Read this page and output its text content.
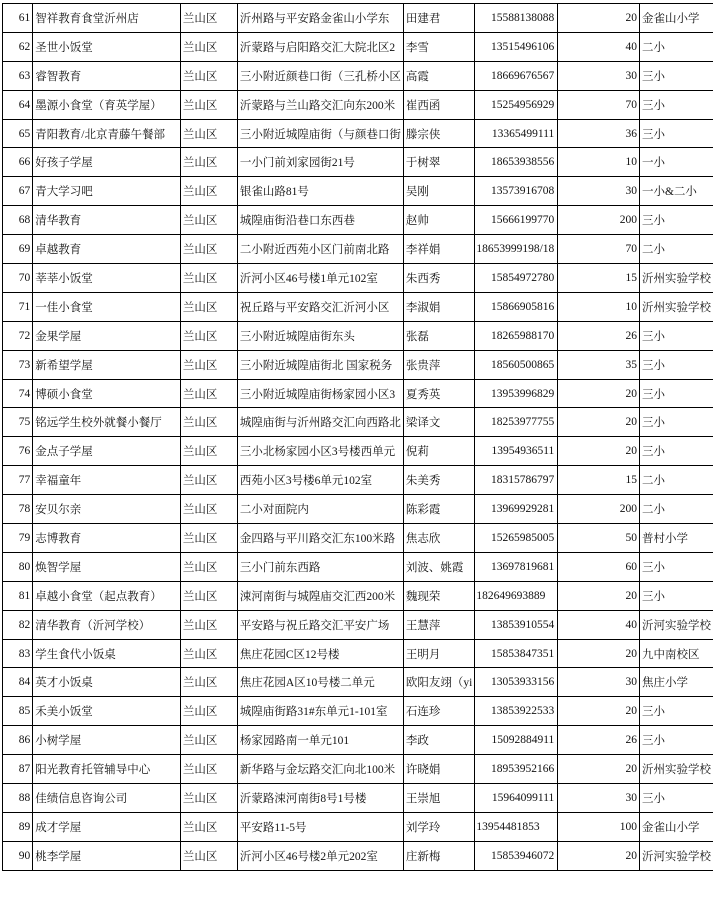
61	智祥教育食堂沂州店	兰山区	沂州路与平安路金雀山小学东	田建君	15588138088	20	金雀山小学
62	圣世小饭堂	兰山区	沂蒙路与启阳路交汇大院北区2	李雪	13515496106	40	二小
63	睿智教育	兰山区	三小附近颜巷口街（三孔桥小区	高霞	18669676567	30	三小
64	墨源小食堂（育英学屋）	兰山区	沂蒙路与兰山路交汇向东200米	崔西函	15254956929	70	三小
65	青阳教育/北京青藤午餐部	兰山区	三小附近城隍庙街（与颜巷口街	滕宗侠	13365499111	36	三小
66	好孩子学屋	兰山区	一小门前刘家园街21号	于树翠	18653938556	10	一小
67	青大学习吧	兰山区	银雀山路81号	吴刚	13573916708	30	一小&二小
68	清华教育	兰山区	城隍庙街沿巷口东西巷	赵帅	15666199770	200	三小
69	卓越教育	兰山区	二小附近西苑小区门前南北路	李祥娟	18653999198/18	70	二小
70	莘莘小饭堂	兰山区	沂河小区46号楼1单元102室	朱西秀	15854972780	15	沂州实验学校
71	一佳小食堂	兰山区	祝丘路与平安路交汇沂河小区	李淑娟	15866905816	10	沂州实验学校
72	金果学屋	兰山区	三小附近城隍庙街东头	张磊	18265988170	26	三小
73	新希望学屋	兰山区	三小附近城隍庙街北 国家税务	张贵萍	18560500865	35	三小
74	博硕小食堂	兰山区	三小附近城隍庙街杨家园小区3	夏秀英	13953996829	20	三小
75	铭远学生校外就餐小餐厅	兰山区	城隍庙街与沂州路交汇向西路北	梁译文	18253977755	20	三小
76	金点子学屋	兰山区	三小北杨家园小区3号楼西单元	倪莉	13954936511	20	三小
77	幸福童年	兰山区	西苑小区3号楼6单元102室	朱美秀	18315786797	15	二小
78	安贝尔亲	兰山区	二小对面院内	陈彩霞	13969929281	200	二小
79	志博教育	兰山区	金四路与平川路交汇东100米路	焦志欣	15265985005	50	普村小学
80	焕智学屋	兰山区	三小门前东西路	刘波、姚霞	13697819681	60	三小
81	卓越小食堂（起点教育）	兰山区	涑河南街与城隍庙交汇西200米	魏现荣	182649693889	20	三小
82	清华教育（沂河学校）	兰山区	平安路与祝丘路交汇平安广场	王慧萍	13853910554	40	沂河实验学校
83	学生食代小饭桌	兰山区	焦庄花园C区12号楼	王明月	15853847351	20	九中南校区
84	英才小饭桌	兰山区	焦庄花园A区10号楼二单元	欧阳友翊（yi	13053933156	30	焦庄小学
85	禾美小饭堂	兰山区	城隍庙街路31#东单元1-101室	石连珍	13853922533	20	三小
86	小树学屋	兰山区	杨家园路南一单元101	李政	15092884911	26	三小
87	阳光教育托管辅导中心	兰山区	新华路与金坛路交汇向北100米	许晓娟	18953952166	20	沂州实验学校
88	佳绩信息咨询公司	兰山区	沂蒙路涑河南街8号1号楼	王崇旭	15964099111	30	三小
89	成才学屋	兰山区	平安路11-5号	刘学玲	13954481853	100	金雀山小学
90	桃李学屋	兰山区	沂河小区46号楼2单元202室	庄新梅	15853946072	20	沂河实验学校
